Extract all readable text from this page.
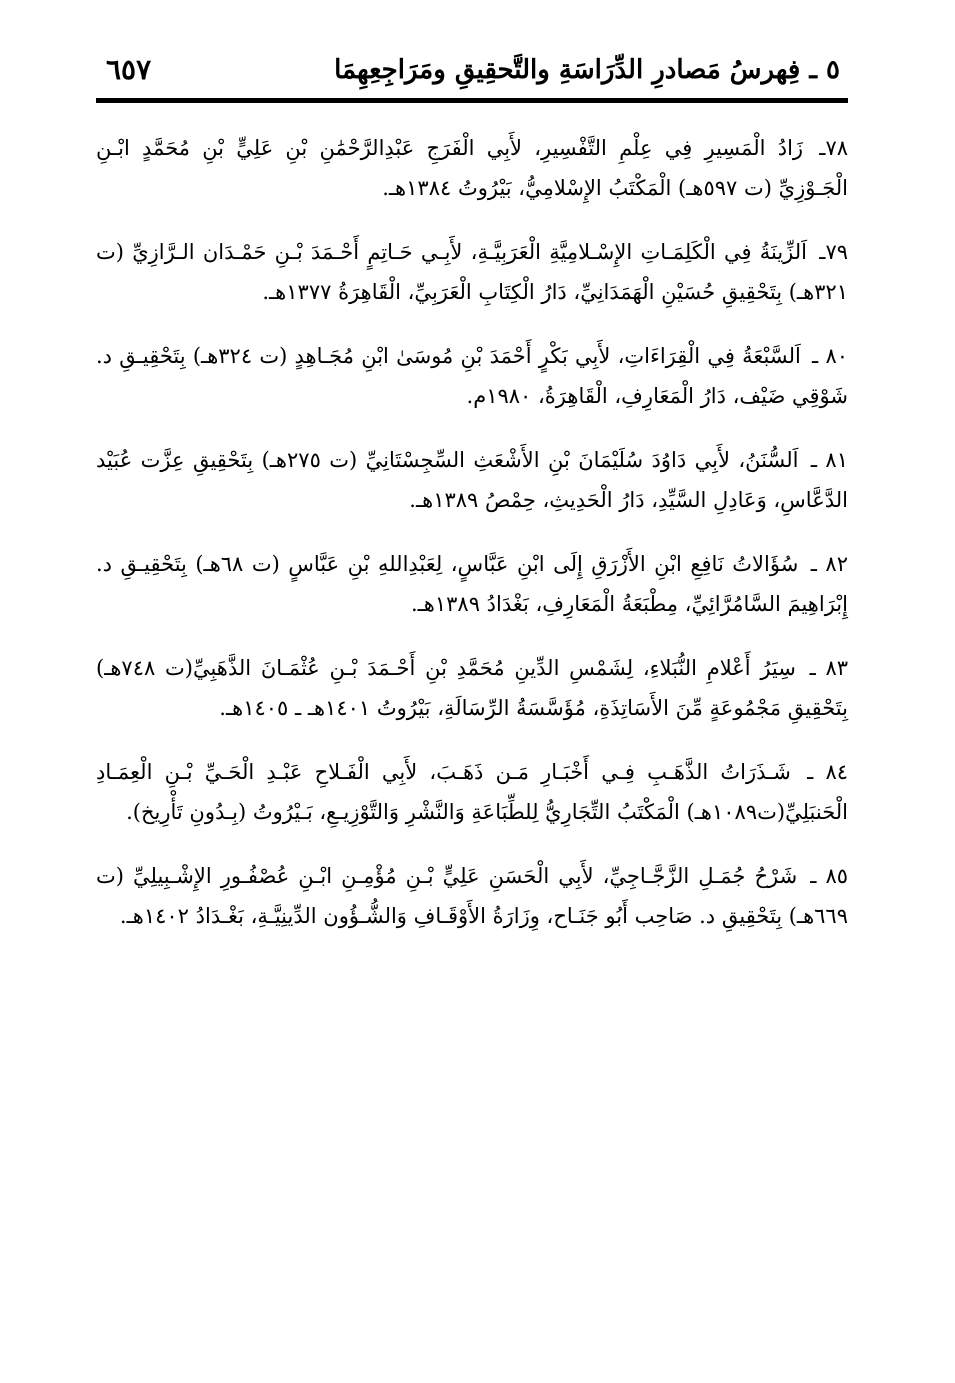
٥ ـ فِهرسُ مَصادرِ الدِّرَاسَةِ والتَّحقِيقِ ومَرَاجِعِهِمَا
٦٥٧

٧٨ـ زَادُ الْمَسِيرِ فِي عِلْمِ التَّفْسِيرِ، لأَبِي الْفَرَجِ عَبْدِالرَّحْمَٰنِ بْنِ عَلِيٍّ بْنِ مُحَمَّدٍ ابْـنِ الْجَـوْزِيِّ (ت ٥٩٧هـ) الْمَكْتَبُ الإِسْلامِيُّ، بَيْرُوتُ ١٣٨٤هـ.

٧٩ـ اَلزِّينَةُ فِي الْكَلِمَـاتِ الإِسْـلامِيَّةِ الْعَرَبِيَّـةِ، لأَبِـي حَـاتِمٍ أَحْـمَدَ بْـنِ حَمْـدَان الـرَّازِيِّ (ت ٣٢١هـ) بِتَحْقِيقِ حُسَيْنِ الْهَمَدَانِيِّ، دَارُ الْكِتَابِ الْعَرَبِيِّ، الْقَاهِرَةُ ١٣٧٧هـ.

٨٠ ـ اَلسَّبْعَةُ فِي الْقِرَاءَاتِ، لأَبِي بَكْرٍ أَحْمَدَ بْنِ مُوسَىٰ ابْنِ مُجَـاهِدٍ (ت ٣٢٤هـ) بِتَحْقِيـقِ د. شَوْقِي ضَيْف، دَارُ الْمَعَارِفِ، الْقَاهِرَةُ، ١٩٨٠م.

٨١ ـ اَلسُّنَنُ، لأَبِي دَاوُدَ سُلَيْمَانَ بْنِ الأَشْعَثِ السِّجِسْتَانِيِّ (ت ٢٧٥هـ) بِتَحْقِيقِ عِزَّت عُبَيْد الدَّعَّاسِ، وَعَادِلِ السَّيِّدِ، دَارُ الْحَدِيثِ، حِمْصُ ١٣٨٩هـ.

٨٢ ـ سُؤَالاتُ نَافِعِ ابْنِ الأَزْرَقِ إِلَى ابْنِ عَبَّاسٍ، لِعَبْدِاللهِ بْنِ عَبَّاسٍ (ت ٦٨هـ) بِتَحْقِيـقِ د. إِبْرَاهِيمَ السَّامُرَّائِيِّ، مِطْبَعَةُ الْمَعَارِفِ، بَغْدَادُ ١٣٨٩هـ.

٨٣ ـ سِيَرُ أَعْلامِ النُّبَلاءِ، لِشَمْسِ الدِّينِ مُحَمَّدِ بْنِ أَحْـمَدَ بْـنِ عُثْمَـانَ الذَّهَبِيِّ(ت ٧٤٨هـ) بِتَحْقِيقِ مَجْمُوعَةٍ مِّنَ الأَسَاتِذَةِ، مُؤَسَّسَةُ الرِّسَالَةِ، بَيْرُوتُ ١٤٠١هـ ـ ١٤٠٥هـ.

٨٤ ـ شَـذَرَاتُ الذَّهَـبِ فِـي أَخْبَـارِ مَـن ذَهَـبَ، لأَبِي الْفَـلاحِ عَبْـدِ الْحَـيِّ بْـنِ الْعِمَـادِ الْحَنبَلِيِّ(ت١٠٨٩هـ) الْمَكْتَبُ التِّجَارِيُّ لِلطِّبَاعَةِ وَالنَّشْرِ وَالتَّوْزِيـعِ، بَـيْرُوتُ (بِـدُونِ تَأْرِيخ).

٨٥ ـ شَرْحُ جُمَـلِ الزَّجَّـاجِيِّ، لأَبِي الْحَسَنِ عَلِيٍّ بْـنِ مُؤْمِـنِ ابْـنِ عُصْفُـورِ الإِشْـبِيلِيِّ (ت ٦٦٩هـ) بِتَحْقِيقِ د. صَاحِب أَبُو جَنَـاح، وِزَارَةُ الأَوْقَـافِ وَالشُّـؤُون الدِّينِيَّـةِ، بَغْـدَادُ ١٤٠٢هـ.
